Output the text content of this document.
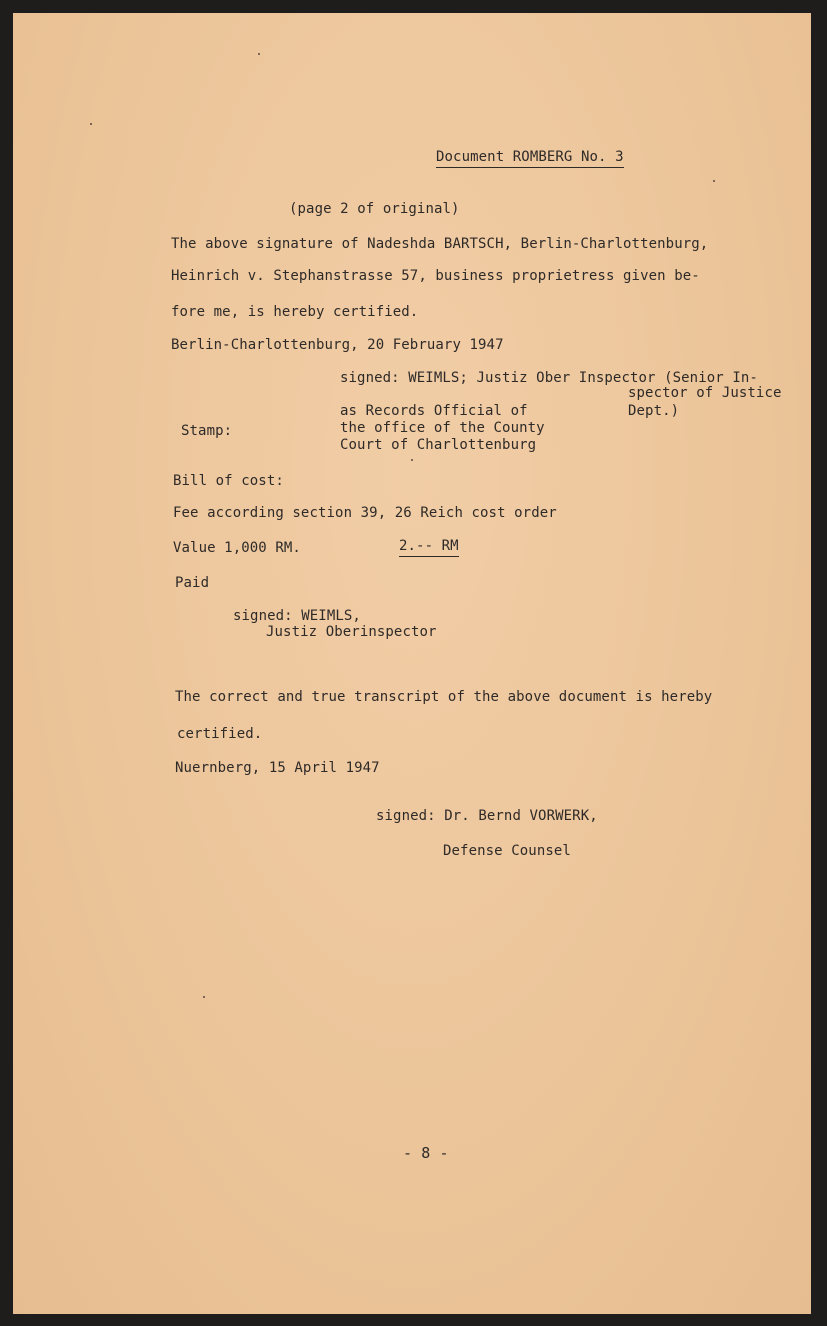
Document ROMBERG No. 3
(page 2 of original)
The above signature of Nadeshda BARTSCH, Berlin-Charlottenburg,
Heinrich v. Stephanstrasse 57, business proprietress given be-
fore me, is hereby certified.
Berlin-Charlottenburg, 20 February 1947
signed: WEIMLS; Justiz Ober Inspector (Senior In-
spector of Justice
Dept.)
as Records Official of
the office of the County
Court of Charlottenburg
Stamp:
Bill of cost:
Fee according section 39, 26 Reich cost order
Value 1,000 RM.	2.-- RM
Paid
signed: WEIMLS,
Justiz Oberinspector
The correct and true transcript of the above document is hereby
certified.
Nuernberg, 15 April 1947
signed: Dr. Bernd VORWERK,
Defense Counsel
- 8 -
